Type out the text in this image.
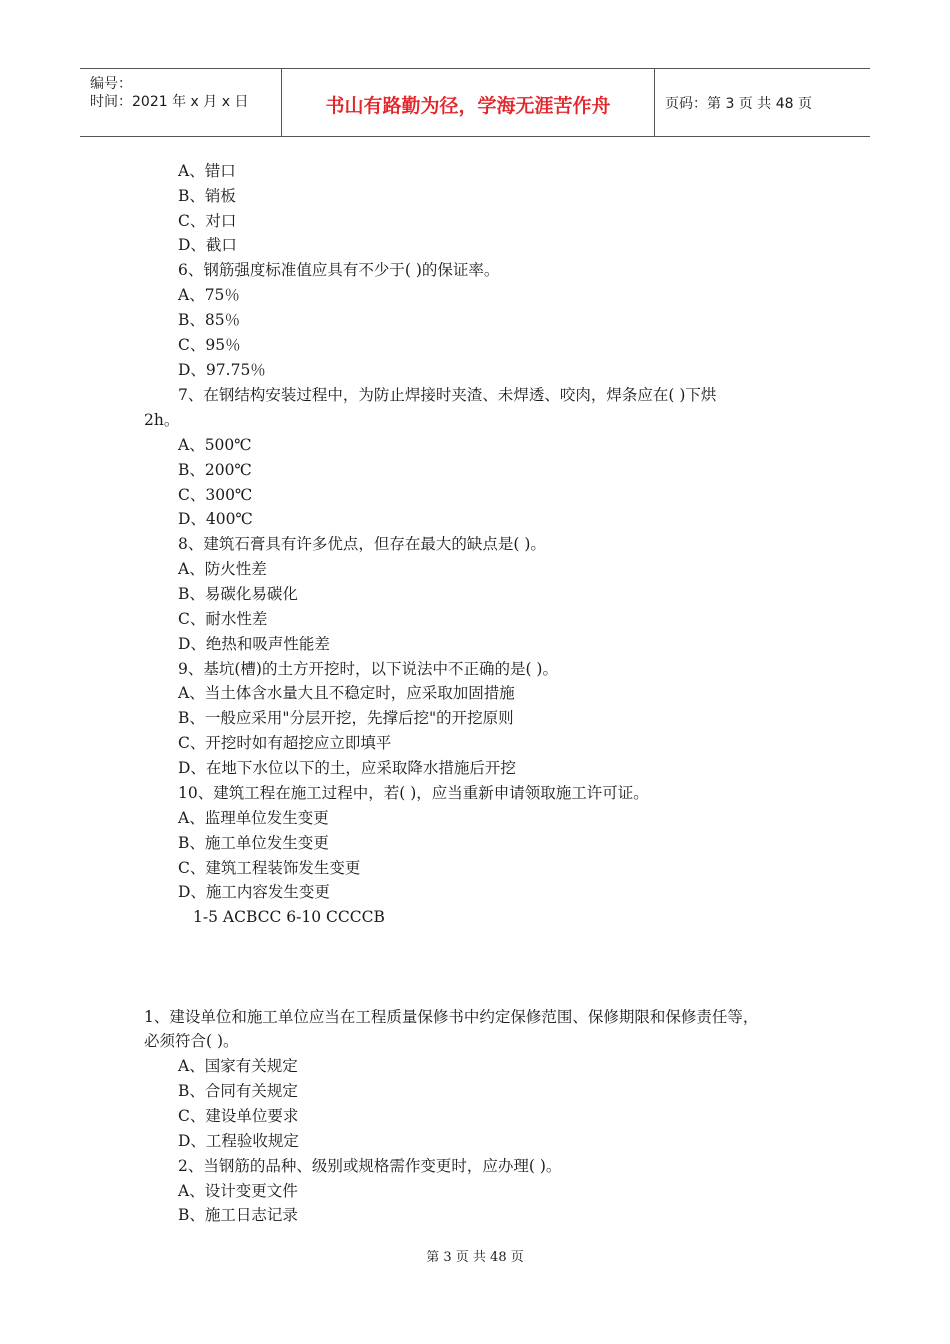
编号：
时间：2021 年 x 月 x 日	书山有路勤为径，学海无涯苦作舟	页码：第 3 页 共 48 页
A、错口
B、销板
C、对口
D、截口
6、钢筋强度标准值应具有不少于( )的保证率。
A、75％
B、85％
C、95％
D、97.75％
7、在钢结构安装过程中，为防止焊接时夹渣、未焊透、咬肉，焊条应在( )下烘
2h。
A、500℃
B、200℃
C、300℃
D、400℃
8、建筑石膏具有许多优点，但存在最大的缺点是( )。
A、防火性差
B、易碳化易碳化
C、耐水性差
D、绝热和吸声性能差
9、基坑(槽)的土方开挖时，以下说法中不正确的是( )。
A、当土体含水量大且不稳定时，应采取加固措施
B、一般应采用"分层开挖，先撑后挖"的开挖原则
C、开挖时如有超挖应立即填平
D、在地下水位以下的土，应采取降水措施后开挖
10、建筑工程在施工过程中，若( )，应当重新申请领取施工许可证。
A、监理单位发生变更
B、施工单位发生变更
C、建筑工程装饰发生变更
D、施工内容发生变更
1-5 ACBCC 6-10 CCCCB
1、建设单位和施工单位应当在工程质量保修书中约定保修范围、保修期限和保修责任等，
必须符合( )。
A、国家有关规定
B、合同有关规定
C、建设单位要求
D、工程验收规定
2、当钢筋的品种、级别或规格需作变更时，应办理( )。
A、设计变更文件
B、施工日志记录
第 3 页 共 48 页
